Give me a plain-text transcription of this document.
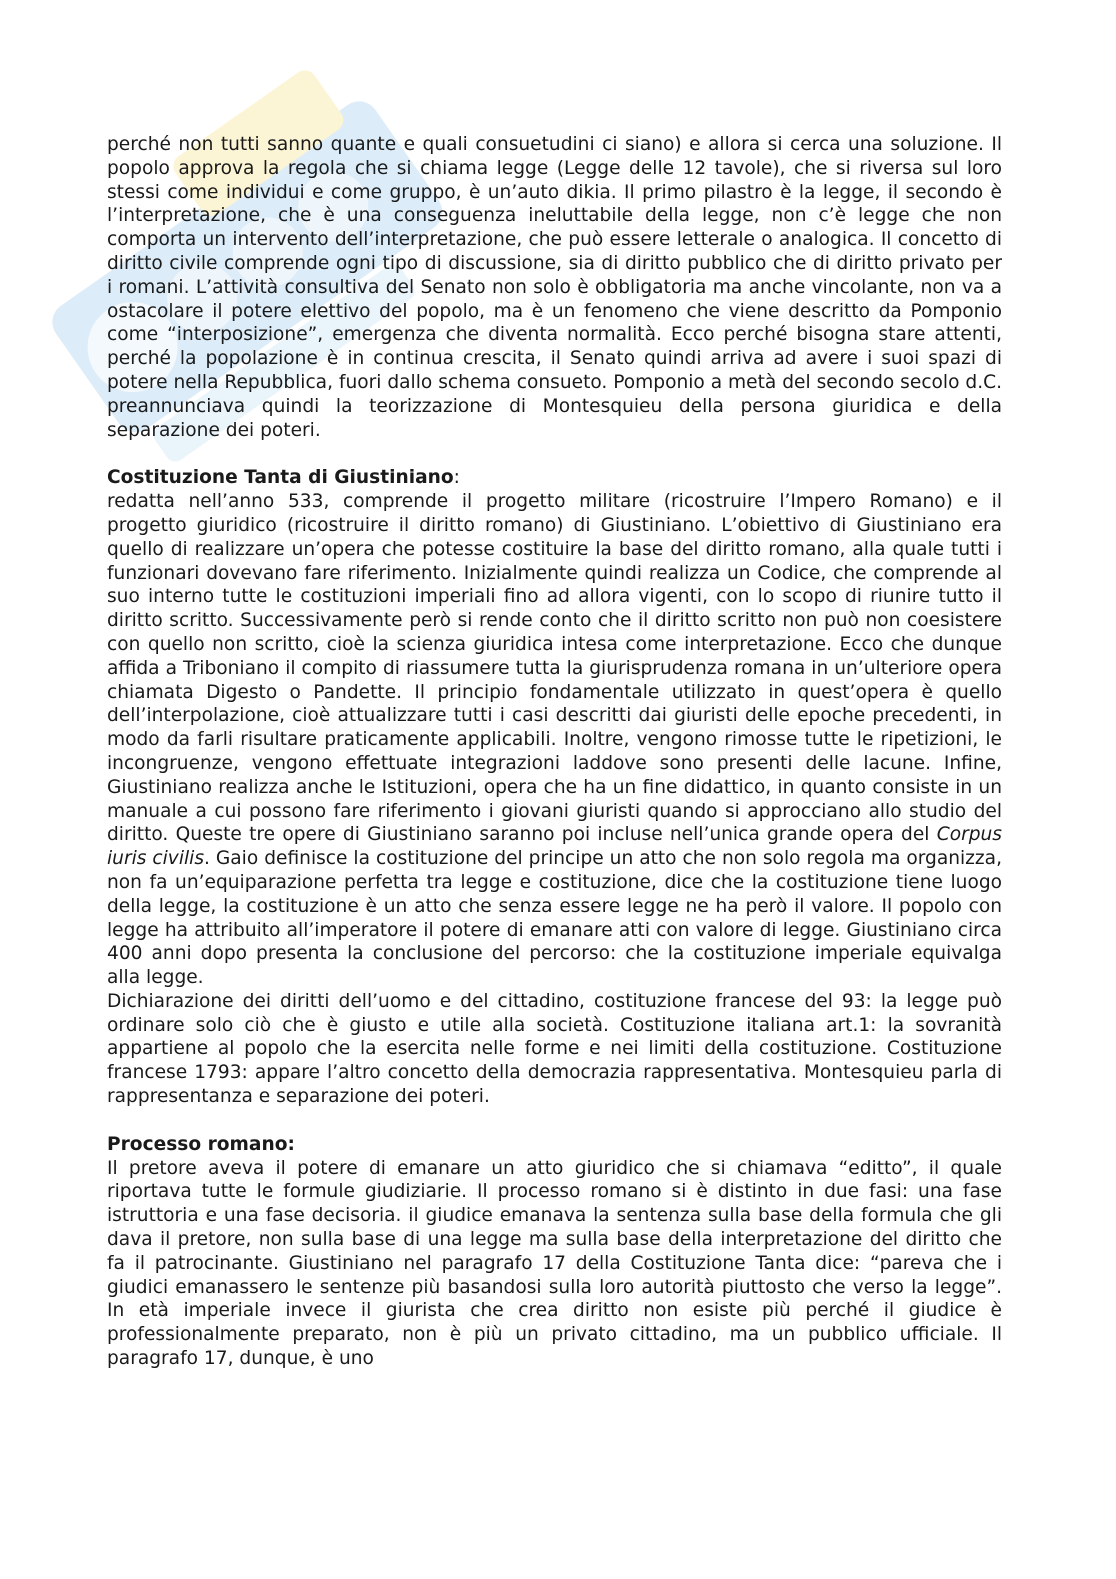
perché non tutti sanno quante e quali consuetudini ci siano) e allora si cerca una soluzione. Il popolo approva la regola che si chiama legge (Legge delle 12 tavole), che si riversa sul loro stessi come individui e come gruppo, è un’auto dikia. Il primo pilastro è la legge, il secondo è l’interpretazione, che è una conseguenza ineluttabile della legge, non c’è legge che non comporta un intervento dell’interpretazione, che può essere letterale o analogica. Il concetto di diritto civile comprende ogni tipo di discussione, sia di diritto pubblico che di diritto privato per i romani. L’attività consultiva del Senato non solo è obbligatoria ma anche vincolante, non va a ostacolare il potere elettivo del popolo, ma è un fenomeno che viene descritto da Pomponio come “interposizione”, emergenza che diventa normalità. Ecco perché bisogna stare attenti, perché la popolazione è in continua crescita, il Senato quindi arriva ad avere i suoi spazi di potere nella Repubblica, fuori dallo schema consueto. Pomponio a metà del secondo secolo d.C. preannunciava quindi la teorizzazione di Montesquieu della persona giuridica e della separazione dei poteri.

Costituzione Tanta di Giustiniano:

redatta nell’anno 533, comprende il progetto militare (ricostruire l’Impero Romano) e il progetto giuridico (ricostruire il diritto romano) di Giustiniano. L’obiettivo di Giustiniano era quello di realizzare un’opera che potesse costituire la base del diritto romano, alla quale tutti i funzionari dovevano fare riferimento. Inizialmente quindi realizza un Codice, che comprende al suo interno tutte le costituzioni imperiali fino ad allora vigenti, con lo scopo di riunire tutto il diritto scritto. Successivamente però si rende conto che il diritto scritto non può non coesistere con quello non scritto, cioè la scienza giuridica intesa come interpretazione. Ecco che dunque affida a Triboniano il compito di riassumere tutta la giurisprudenza romana in un’ulteriore opera chiamata Digesto o Pandette. Il principio fondamentale utilizzato in quest’opera è quello dell’interpolazione, cioè attualizzare tutti i casi descritti dai giuristi delle epoche precedenti, in modo da farli risultare praticamente applicabili. Inoltre, vengono rimosse tutte le ripetizioni, le incongruenze, vengono effettuate integrazioni laddove sono presenti delle lacune. Infine, Giustiniano realizza anche le Istituzioni, opera che ha un fine didattico, in quanto consiste in un manuale a cui possono fare riferimento i giovani giuristi quando si approcciano allo studio del diritto. Queste tre opere di Giustiniano saranno poi incluse nell’unica grande opera del Corpus iuris civilis. Gaio definisce la costituzione del principe un atto che non solo regola ma organizza, non fa un’equiparazione perfetta tra legge e costituzione, dice che la costituzione tiene luogo della legge, la costituzione è un atto che senza essere legge ne ha però il valore. Il popolo con legge ha attribuito all’imperatore il potere di emanare atti con valore di legge. Giustiniano circa 400 anni dopo presenta la conclusione del percorso: che la costituzione imperiale equivalga alla legge.

Dichiarazione dei diritti dell’uomo e del cittadino, costituzione francese del 93: la legge può ordinare solo ciò che è giusto e utile alla società. Costituzione italiana art.1: la sovranità appartiene al popolo che la esercita nelle forme e nei limiti della costituzione. Costituzione francese 1793: appare l’altro concetto della democrazia rappresentativa. Montesquieu parla di rappresentanza e separazione dei poteri.

Processo romano:

Il pretore aveva il potere di emanare un atto giuridico che si chiamava “editto”, il quale riportava tutte le formule giudiziarie. Il processo romano si è distinto in due fasi: una fase istruttoria e una fase decisoria. il giudice emanava la sentenza sulla base della formula che gli dava il pretore, non sulla base di una legge ma sulla base della interpretazione del diritto che fa il patrocinante. Giustiniano nel paragrafo 17 della Costituzione Tanta dice: “pareva che i giudici emanassero le sentenze più basandosi sulla loro autorità piuttosto che verso la legge”. In età imperiale invece il giurista che crea diritto non esiste più perché il giudice è professionalmente preparato, non è più un privato cittadino, ma un pubblico ufficiale. Il paragrafo 17, dunque, è uno
